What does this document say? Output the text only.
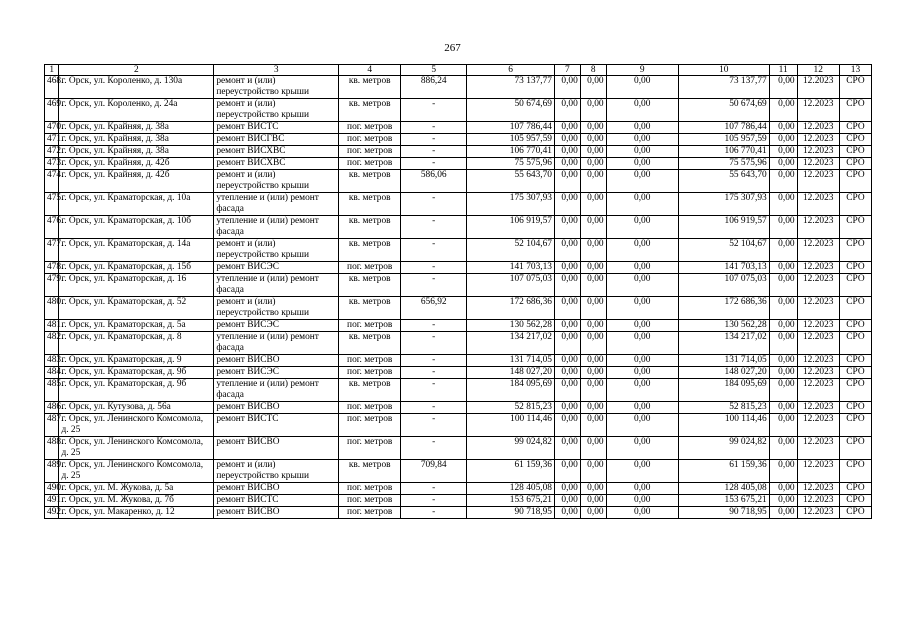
267
1	2	3	4	5	6	7	8	9	10	11	12	13
468.	г. Орск, ул. Короленко, д. 130а	ремонт и (или) переустройство крыши	кв. метров	886,24	73 137,77	0,00	0,00	0,00	73 137,77	0,00	12.2023	СРО
469.	г. Орск, ул. Короленко, д. 24а	ремонт и (или) переустройство крыши	кв. метров	-	50 674,69	0,00	0,00	0,00	50 674,69	0,00	12.2023	СРО
470.	г. Орск, ул. Крайняя, д. 38а	ремонт ВИСТС	пог. метров	-	107 786,44	0,00	0,00	0,00	107 786,44	0,00	12.2023	СРО
471.	г. Орск, ул. Крайняя, д. 38а	ремонт ВИСГВС	пог. метров	-	105 957,59	0,00	0,00	0,00	105 957,59	0,00	12.2023	СРО
472.	г. Орск, ул. Крайняя, д. 38а	ремонт ВИСХВС	пог. метров	-	106 770,41	0,00	0,00	0,00	106 770,41	0,00	12.2023	СРО
473.	г. Орск, ул. Крайняя, д. 42б	ремонт ВИСХВС	пог. метров	-	75 575,96	0,00	0,00	0,00	75 575,96	0,00	12.2023	СРО
474.	г. Орск, ул. Крайняя, д. 42б	ремонт и (или) переустройство крыши	кв. метров	586,06	55 643,70	0,00	0,00	0,00	55 643,70	0,00	12.2023	СРО
475.	г. Орск, ул. Краматорская, д. 10а	утепление и (или) ремонт фасада	кв. метров	-	175 307,93	0,00	0,00	0,00	175 307,93	0,00	12.2023	СРО
476.	г. Орск, ул. Краматорская, д. 10б	утепление и (или) ремонт фасада	кв. метров	-	106 919,57	0,00	0,00	0,00	106 919,57	0,00	12.2023	СРО
477.	г. Орск, ул. Краматорская, д. 14а	ремонт и (или) переустройство крыши	кв. метров	-	52 104,67	0,00	0,00	0,00	52 104,67	0,00	12.2023	СРО
478.	г. Орск, ул. Краматорская, д. 15б	ремонт ВИСЭС	пог. метров	-	141 703,13	0,00	0,00	0,00	141 703,13	0,00	12.2023	СРО
479.	г. Орск, ул. Краматорская, д. 16	утепление и (или) ремонт фасада	кв. метров	-	107 075,03	0,00	0,00	0,00	107 075,03	0,00	12.2023	СРО
480.	г. Орск, ул. Краматорская, д. 52	ремонт и (или) переустройство крыши	кв. метров	656,92	172 686,36	0,00	0,00	0,00	172 686,36	0,00	12.2023	СРО
481.	г. Орск, ул. Краматорская, д. 5а	ремонт ВИСЭС	пог. метров	-	130 562,28	0,00	0,00	0,00	130 562,28	0,00	12.2023	СРО
482.	г. Орск, ул. Краматорская, д. 8	утепление и (или) ремонт фасада	кв. метров	-	134 217,02	0,00	0,00	0,00	134 217,02	0,00	12.2023	СРО
483.	г. Орск, ул. Краматорская, д. 9	ремонт ВИСВО	пог. метров	-	131 714,05	0,00	0,00	0,00	131 714,05	0,00	12.2023	СРО
484.	г. Орск, ул. Краматорская, д. 9б	ремонт ВИСЭС	пог. метров	-	148 027,20	0,00	0,00	0,00	148 027,20	0,00	12.2023	СРО
485.	г. Орск, ул. Краматорская, д. 9б	утепление и (или) ремонт фасада	кв. метров	-	184 095,69	0,00	0,00	0,00	184 095,69	0,00	12.2023	СРО
486.	г. Орск, ул. Кутузова, д. 56а	ремонт ВИСВО	пог. метров	-	52 815,23	0,00	0,00	0,00	52 815,23	0,00	12.2023	СРО
487.	г. Орск, ул. Ленинского Комсомола, д. 25	ремонт ВИСТС	пог. метров	-	100 114,46	0,00	0,00	0,00	100 114,46	0,00	12.2023	СРО
488.	г. Орск, ул. Ленинского Комсомола, д. 25	ремонт ВИСВО	пог. метров	-	99 024,82	0,00	0,00	0,00	99 024,82	0,00	12.2023	СРО
489.	г. Орск, ул. Ленинского Комсомола, д. 25	ремонт и (или) переустройство крыши	кв. метров	709,84	61 159,36	0,00	0,00	0,00	61 159,36	0,00	12.2023	СРО
490.	г. Орск, ул. М. Жукова, д. 5а	ремонт ВИСВО	пог. метров	-	128 405,08	0,00	0,00	0,00	128 405,08	0,00	12.2023	СРО
491.	г. Орск, ул. М. Жукова, д. 7б	ремонт ВИСТС	пог. метров	-	153 675,21	0,00	0,00	0,00	153 675,21	0,00	12.2023	СРО
492.	г. Орск, ул. Макаренко, д. 12	ремонт ВИСВО	пог. метров	-	90 718,95	0,00	0,00	0,00	90 718,95	0,00	12.2023	СРО
